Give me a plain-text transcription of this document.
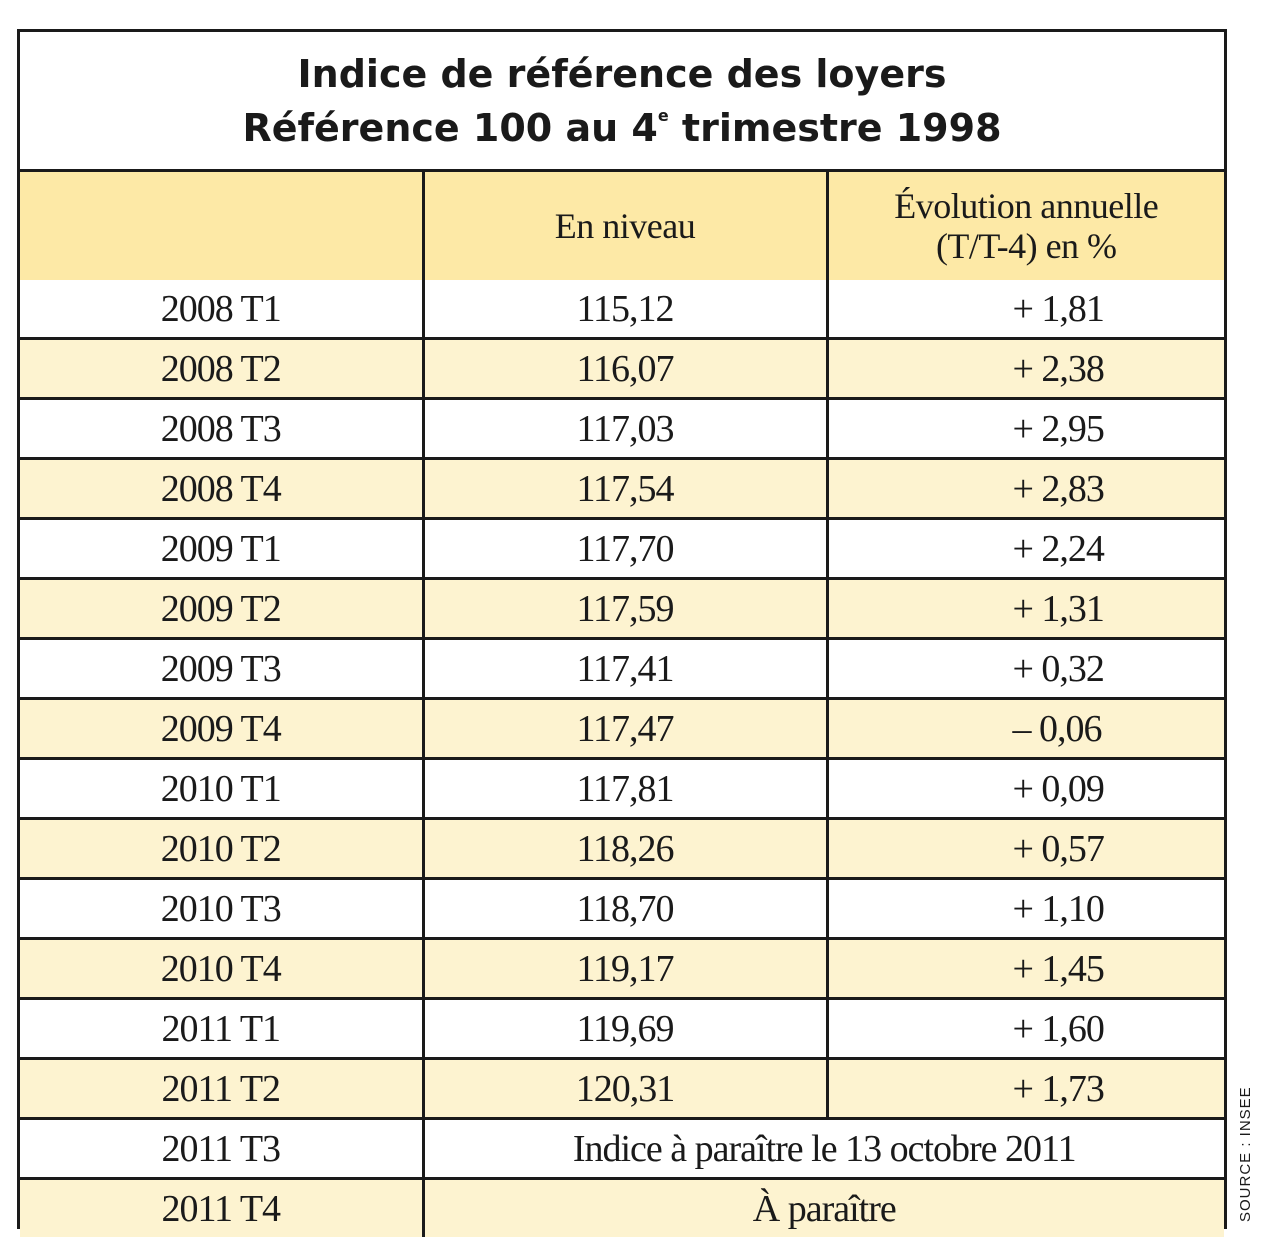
Indice de référence des loyers
Référence 100 au 4e trimestre 1998
	En niveau	Évolution annuelle
(T/T-4) en %

2008 T1	115,12	+ 1,81
2008 T2	116,07	+ 2,38
2008 T3	117,03	+ 2,95
2008 T4	117,54	+ 2,83
2009 T1	117,70	+ 2,24
2009 T2	117,59	+ 1,31
2009 T3	117,41	+ 0,32
2009 T4	117,47	– 0,06
2010 T1	117,81	+ 0,09
2010 T2	118,26	+ 0,57
2010 T3	118,70	+ 1,10
2010 T4	119,17	+ 1,45
2011 T1	119,69	+ 1,60
2011 T2	120,31	+ 1,73
2011 T3	Indice à paraître le 13 octobre 2011	
2011 T4	À paraître		SOURCE : INSEE
